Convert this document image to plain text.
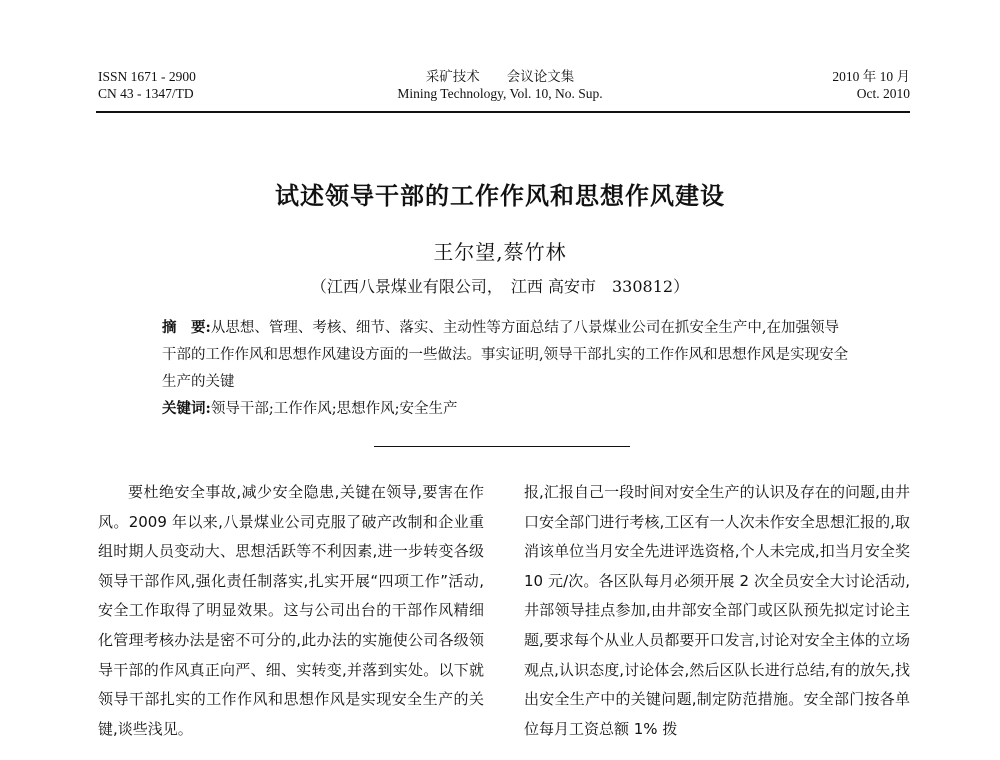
ISSN 1671 - 2900
CN 43 - 1347/TD
采矿技术　　会议论文集
Mining Technology, Vol. 10, No. Sup.
2010 年 10 月
Oct. 2010
试述领导干部的工作作风和思想作风建设
王尔望,蔡竹林
（江西八景煤业有限公司，　江西 高安市　330812）
摘　要:从思想、管理、考核、细节、落实、主动性等方面总结了八景煤业公司在抓安全生产中,在加强领导干部的工作作风和思想作风建设方面的一些做法。事实证明,领导干部扎实的工作作风和思想作风是实现安全生产的关键
关键词:领导干部;工作作风;思想作风;安全生产
要杜绝安全事故,减少安全隐患,关键在领导,要害在作风。2009 年以来,八景煤业公司克服了破产改制和企业重组时期人员变动大、思想活跃等不利因素,进一步转变各级领导干部作风,强化责任制落实,扎实开展“四项工作”活动,安全工作取得了明显效果。这与公司出台的干部作风精细化管理考核办法是密不可分的,此办法的实施使公司各级领导干部的作风真正向严、细、实转变,并落到实处。以下就领导干部扎实的工作作风和思想作风是实现安全生产的关键,谈些浅见。
报,汇报自己一段时间对安全生产的认识及存在的问题,由井口安全部门进行考核,工区有一人次未作安全思想汇报的,取消该单位当月安全先进评选资格,个人未完成,扣当月安全奖 10 元/次。各区队每月必须开展 2 次全员安全大讨论活动,井部领导挂点参加,由井部安全部门或区队预先拟定讨论主题,要求每个从业人员都要开口发言,讨论对安全主体的立场观点,认识态度,讨论体会,然后区队长进行总结,有的放矢,找出安全生产中的关键问题,制定防范措施。安全部门按各单位每月工资总额 1% 拨
